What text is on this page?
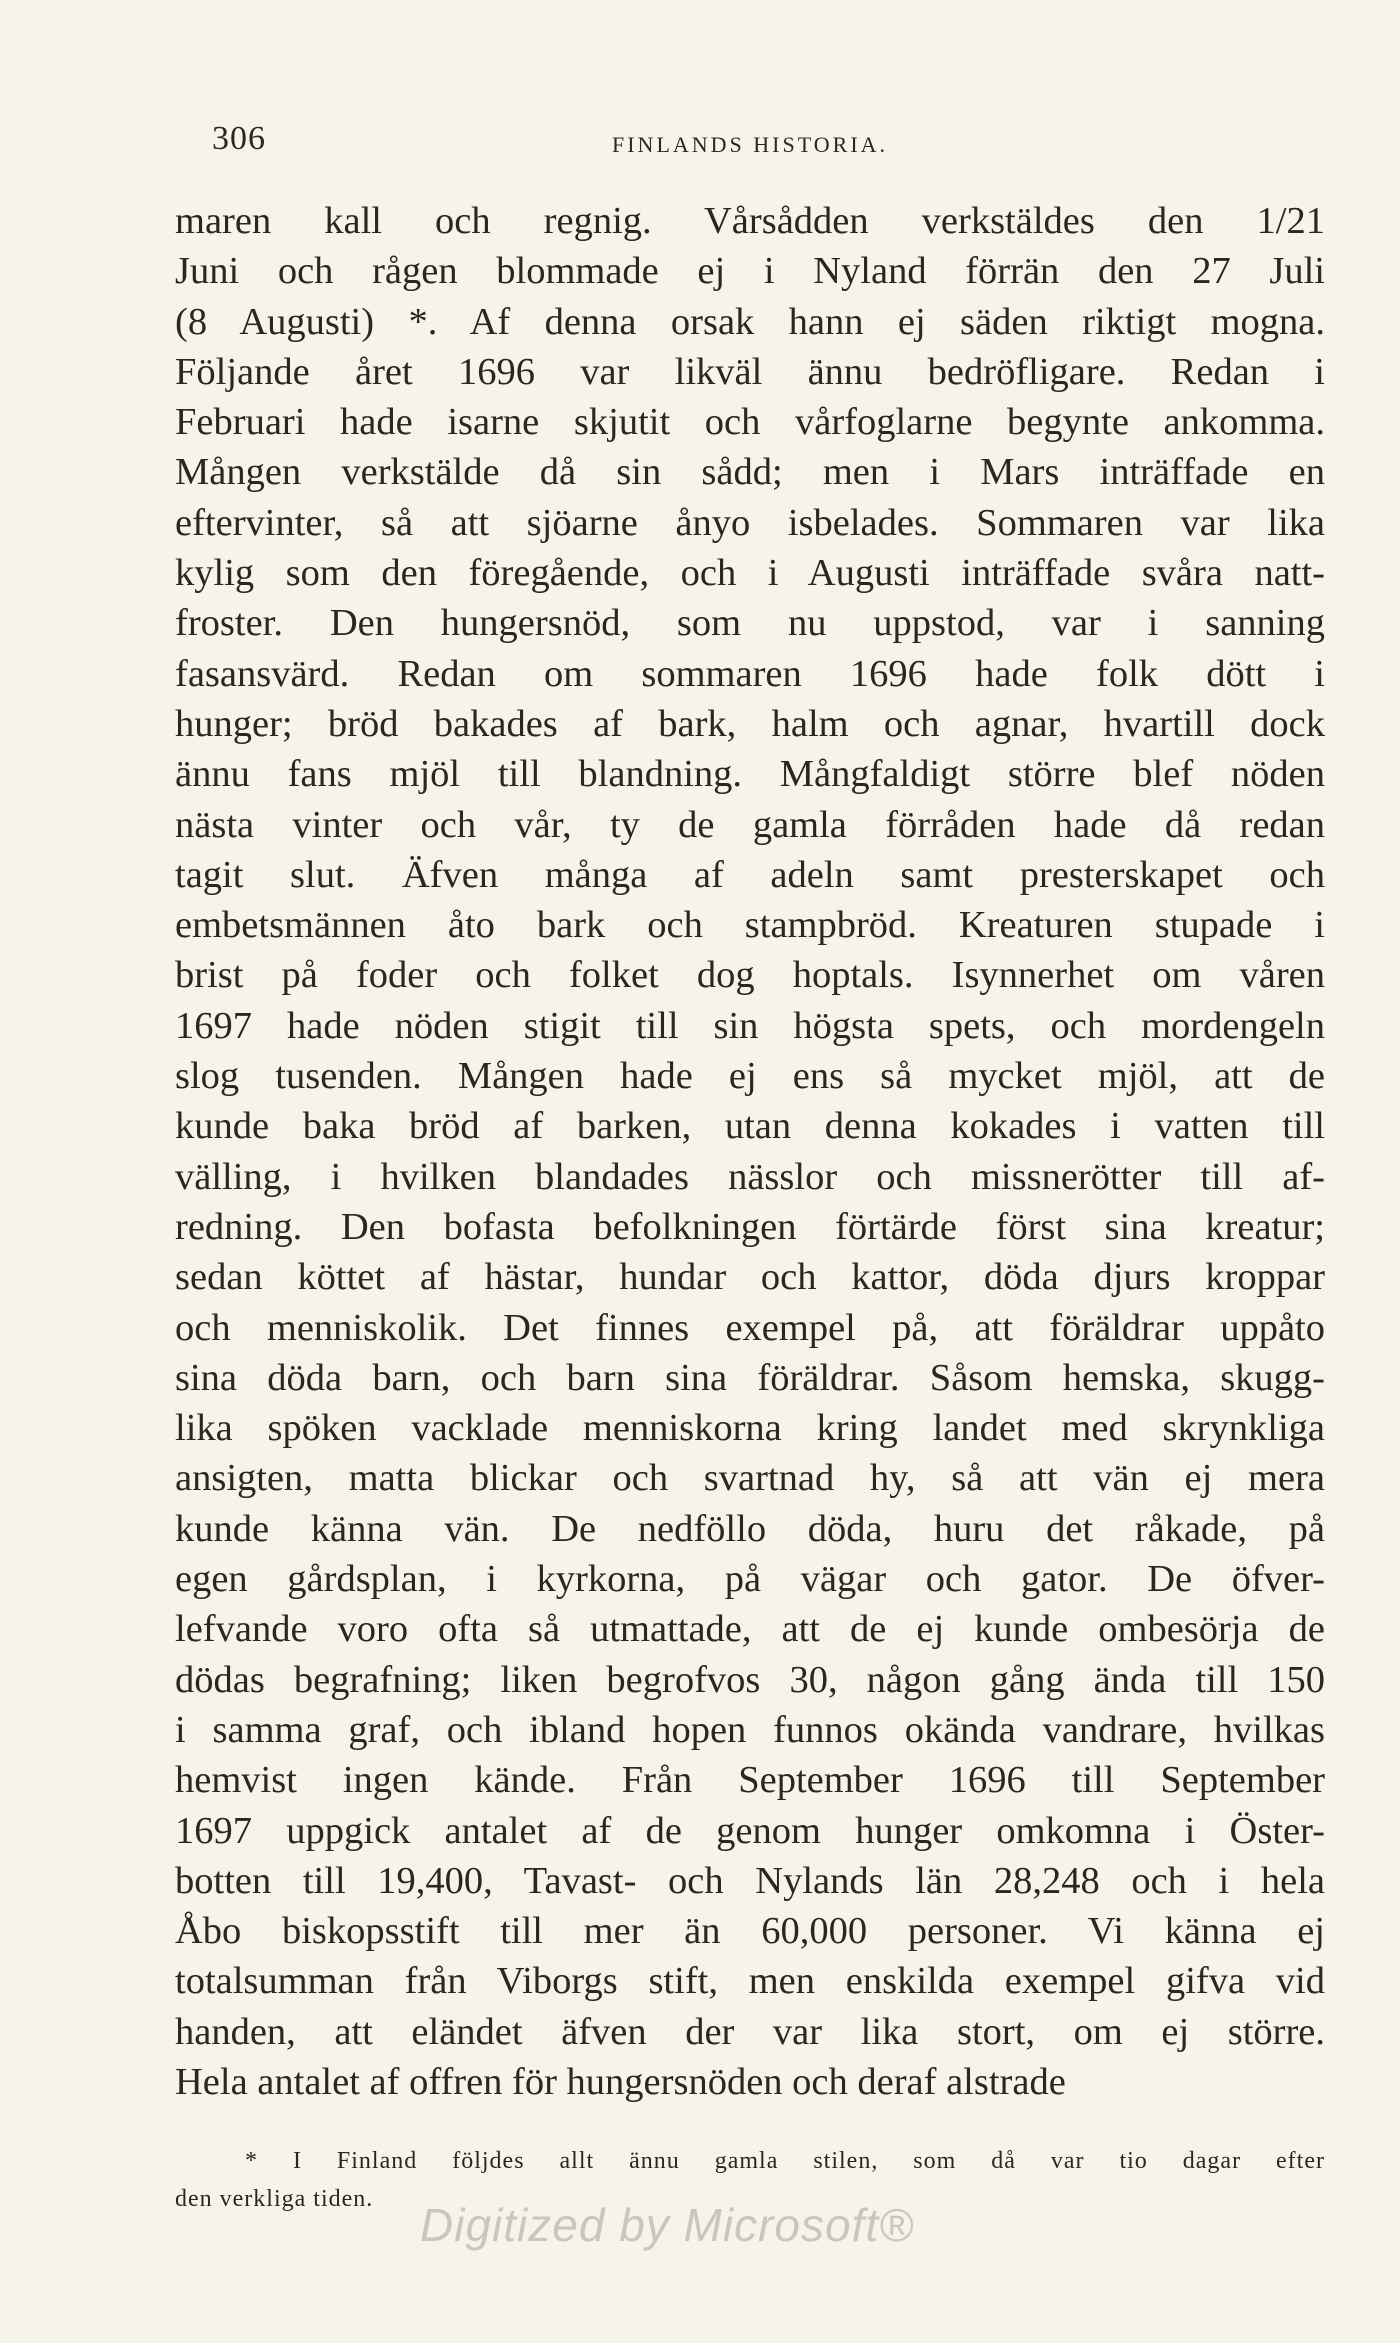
306	FINLANDS HISTORIA.
maren kall och regnig. Vårsådden verkstäldes den 1/21
Juni och rågen blommade ej i Nyland förrän den 27 Juli
(8 Augusti) *. Af denna orsak hann ej säden riktigt mogna.
Följande året 1696 var likväl ännu bedröfligare. Redan i
Februari hade isarne skjutit och vårfoglarne begynte ankomma.
Mången verkstälde då sin sådd; men i Mars inträffade en
eftervinter, så att sjöarne ånyo isbelades. Sommaren var lika
kylig som den föregående, och i Augusti inträffade svåra natt-
froster. Den hungersnöd, som nu uppstod, var i sanning
fasansvärd. Redan om sommaren 1696 hade folk dött i
hunger; bröd bakades af bark, halm och agnar, hvartill dock
ännu fans mjöl till blandning. Mångfaldigt större blef nöden
nästa vinter och vår, ty de gamla förråden hade då redan
tagit slut. Äfven många af adeln samt presterskapet och
embetsmännen åto bark och stampbröd. Kreaturen stupade i
brist på foder och folket dog hoptals. Isynnerhet om våren
1697 hade nöden stigit till sin högsta spets, och mordengeln
slog tusenden. Mången hade ej ens så mycket mjöl, att de
kunde baka bröd af barken, utan denna kokades i vatten till
välling, i hvilken blandades nässlor och missnerötter till af-
redning. Den bofasta befolkningen förtärde först sina kreatur;
sedan köttet af hästar, hundar och kattor, döda djurs kroppar
och menniskolik. Det finnes exempel på, att föräldrar uppåto
sina döda barn, och barn sina föräldrar. Såsom hemska, skugg-
lika spöken vacklade menniskorna kring landet med skrynkliga
ansigten, matta blickar och svartnad hy, så att vän ej mera
kunde känna vän. De nedföllo döda, huru det råkade, på
egen gårdsplan, i kyrkorna, på vägar och gator. De öfver-
lefvande voro ofta så utmattade, att de ej kunde ombesörja de
dödas begrafning; liken begrofvos 30, någon gång ända till 150
i samma graf, och ibland hopen funnos okända vandrare, hvilkas
hemvist ingen kände. Från September 1696 till September
1697 uppgick antalet af de genom hunger omkomna i Öster-
botten till 19,400, Tavast- och Nylands län 28,248 och i hela
Åbo biskopsstift till mer än 60,000 personer. Vi känna ej
totalsumman från Viborgs stift, men enskilda exempel gifva vid
handen, att eländet äfven der var lika stort, om ej större.
Hela antalet af offren för hungersnöden och deraf alstrade
* I Finland följdes allt ännu gamla stilen, som då var tio dagar efter
den verkliga tiden.	Digitized by Microsoft®
